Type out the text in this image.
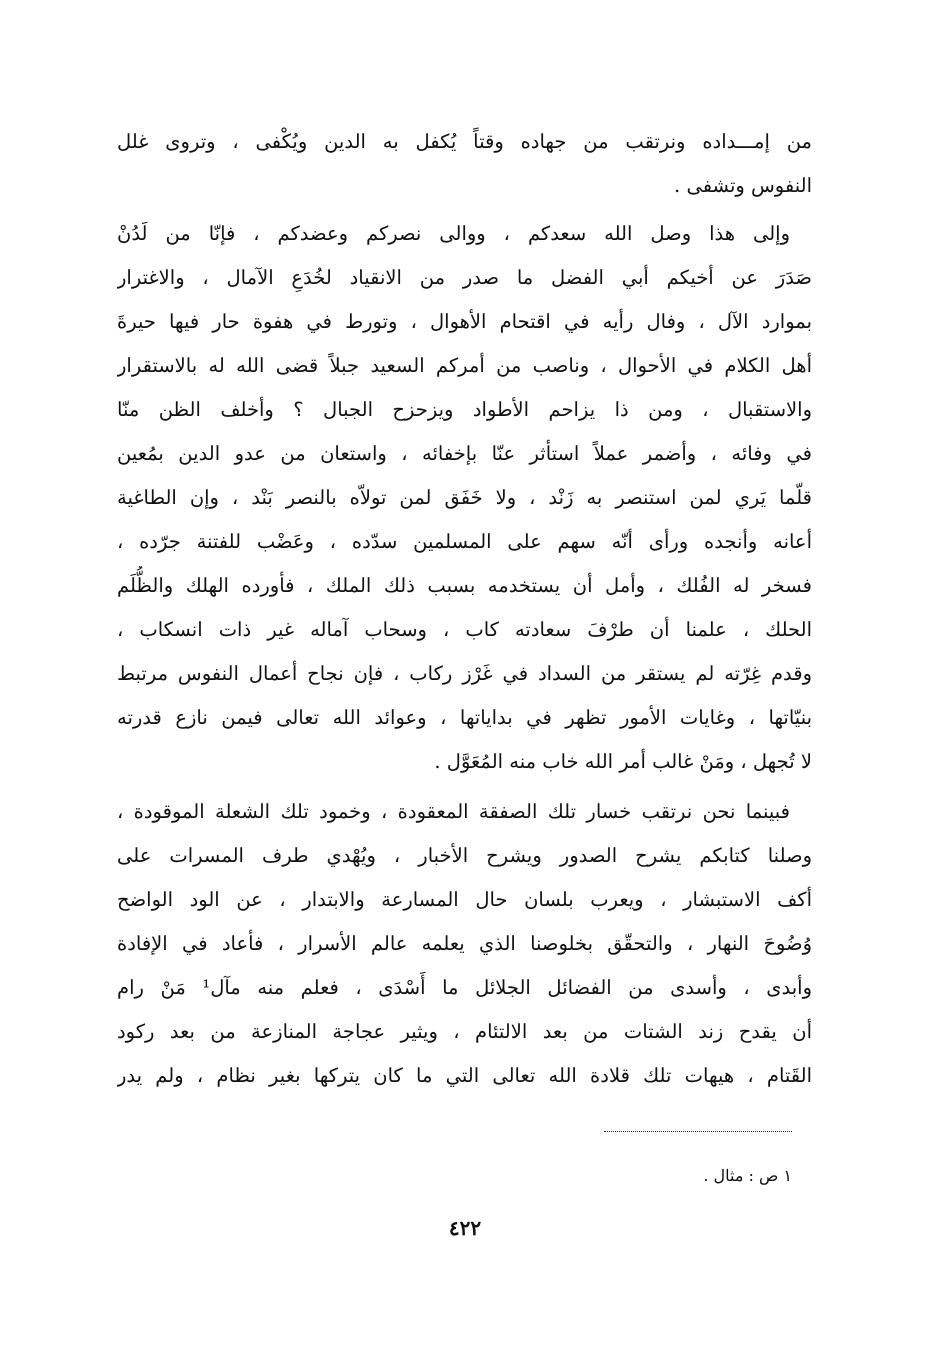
من إمـــداده ونرتقب من جهاده وقتاً يُكفل به الدين ويُكْفى ، وتروى غلل
النفوس وتشفى .
وإلى هذا وصل الله سعدكم ، ووالى نصركم وعضدكم ، فإنّا من لَدُنْ
صَدَرَ عن أخيكم أبي الفضل ما صدر من الانقياد لخُدَعِ الآمال ، والاغترار
بموارد الآل ، وفال رأيه في اقتحام الأهوال ، وتورط في هفوة حار فيها حيرةَ
أهل الكلام في الأحوال ، وناصب من أمركم السعيد جبلاً قضى الله له بالاستقرار
والاستقبال ، ومن ذا يزاحم الأطواد ويزحزح الجبال ؟ وأخلف الظن منّا
في وفائه ، وأضمر عملاً استأثر عنّا بإخفائه ، واستعان من عدو الدين بمُعين
قلّما يَري لمن استنصر به زَنْد ، ولا خَفَق لمن تولاّه بالنصر بَنْد ، وإن الطاغية
أعانه وأنجده ورأى أنّه سهم على المسلمين سدّده ، وعَضْب للفتنة جرّده ،
فسخر له الفُلك ، وأمل أن يستخدمه بسبب ذلك الملك ، فأورده الهلك والظُّلَم
الحلك ، علمنا أن طرْفَ سعادته كاب ، وسحاب آماله غير ذات انسكاب ،
وقدم غِرّته لم يستقر من السداد في غَرْز ركاب ، فإن نجاح أعمال النفوس مرتبط
بنيّاتها ، وغايات الأمور تظهر في بداياتها ، وعوائد الله تعالى فيمن نازع قدرته
لا تُجهل ، ومَنْ غالب أمر الله خاب منه المُعَوَّل .
فبينما نحن نرتقب خسار تلك الصفقة المعقودة ، وخمود تلك الشعلة الموقودة ،
وصلنا كتابكم يشرح الصدور ويشرح الأخبار ، ويُهْدي طرف المسرات على
أكف الاستبشار ، ويعرب بلسان حال المسارعة والابتدار ، عن الود الواضح
وُضُوحَ النهار ، والتحقّق بخلوصنا الذي يعلمه عالم الأسرار ، فأعاد في الإفادة
وأبدى ، وأسدى من الفضائل الجلائل ما أَسْدَى ، فعلم منه مآل¹ مَنْ رام
أن يقدح زند الشتات من بعد الالتئام ، ويثير عجاجة المنازعة من بعد ركود
القَتام ، هيهات تلك قلادة الله تعالى التي ما كان يتركها بغير نظام ، ولم يدر
١ ص : مثال .
٤٢٢
